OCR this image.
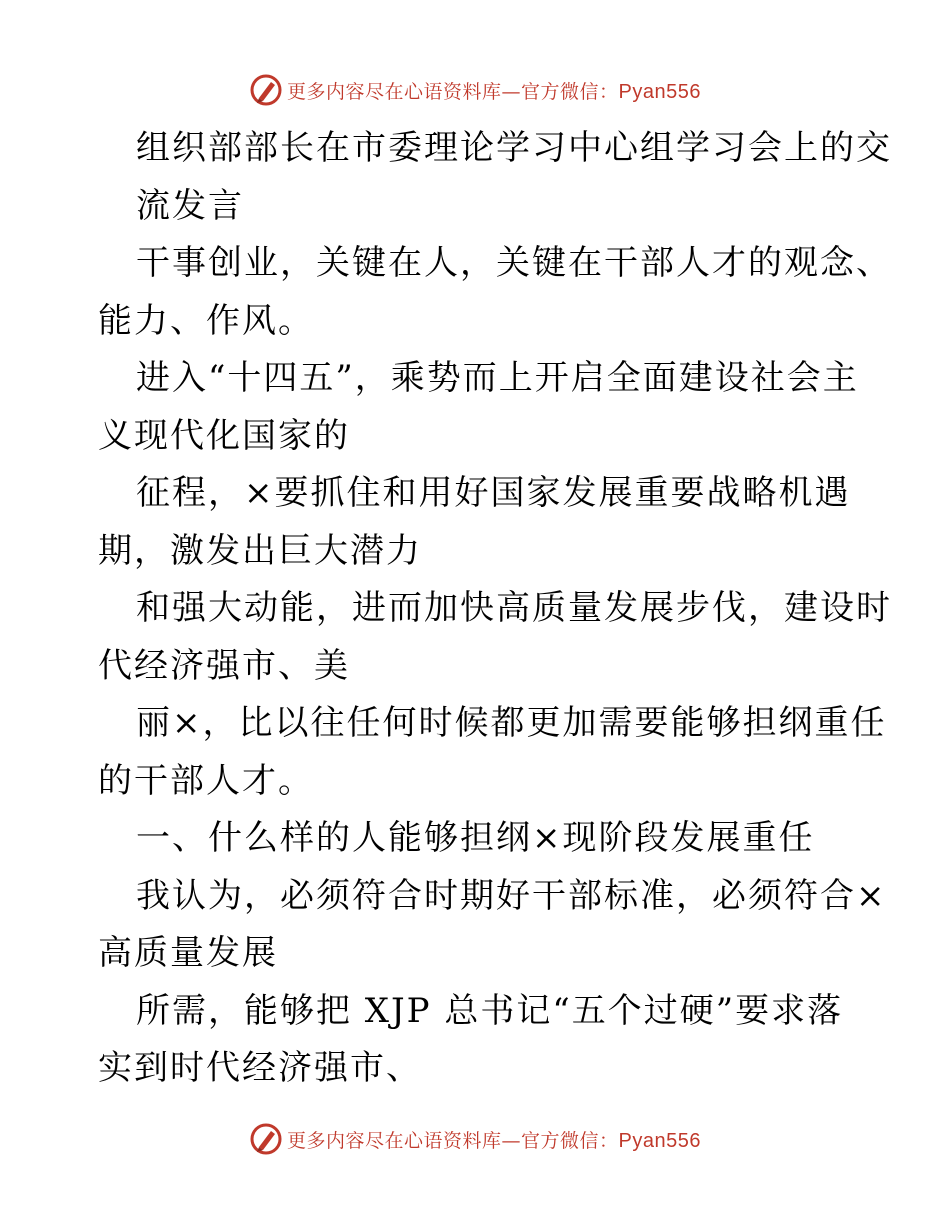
更多内容尽在心语资料库—官方微信：Pyan556
组织部部长在市委理论学习中心组学习会上的交
流发言
干事创业，关键在人，关键在干部人才的观念、
能力、作风。
进入“十四五”，乘势而上开启全面建设社会主
义现代化国家的
征程，×要抓住和用好国家发展重要战略机遇
期，激发出巨大潜力
和强大动能，进而加快高质量发展步伐，建设时
代经济强市、美
丽×，比以往任何时候都更加需要能够担纲重任
的干部人才。
一、什么样的人能够担纲×现阶段发展重任
我认为，必须符合时期好干部标准，必须符合×
高质量发展
所需，能够把 XJP 总书记“五个过硬”要求落
实到时代经济强市、
更多内容尽在心语资料库—官方微信：Pyan556
